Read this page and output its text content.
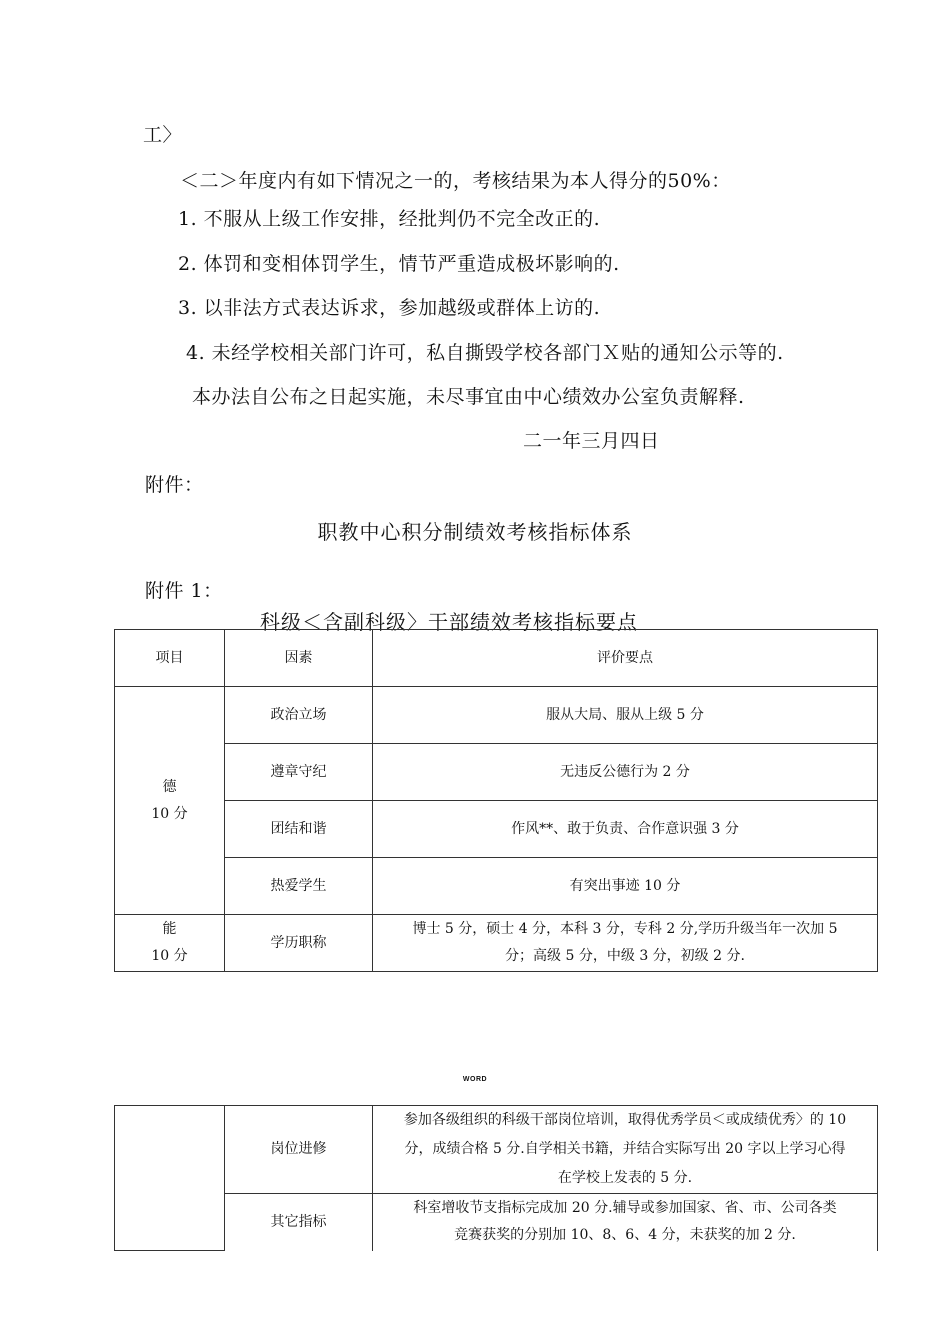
工〉
＜二＞年度内有如下情况之一的，考核结果为本人得分的50%：
1. 不服从上级工作安排，经批判仍不完全改正的.
2. 体罚和变相体罚学生，情节严重造成极坏影响的.
3. 以非法方式表达诉求，参加越级或群体上访的.
4. 未经学校相关部门许可，私自撕毁学校各部门Ｘ贴的通知公示等的.
本办法自公布之日起实施，未尽事宜由中心绩效办公室负责解释.
二一年三月四日
附件：
职教中心积分制绩效考核指标体系
附件 1：
科级＜含副科级〉干部绩效考核指标要点
项目	因素	评价要点

德
10 分	政治立场	服从大局、服从上级 5 分
	遵章守纪	无违反公德行为 2 分
	团结和谐	作风**、敢于负责、合作意识强 3 分
	热爱学生	有突出事迹 10 分

能
10 分	学历职称	博士 5 分，硕士 4 分，本科 3 分，专科 2 分,学历升级当年一次加 5
分；高级 5 分，中级 3 分，初级 2 分.
WORD
	岗位进修	参加各级组织的科级干部岗位培训，取得优秀学员＜或成绩优秀〉的 10
分，成绩合格 5 分.自学相关书籍，并结合实际写出 20 字以上学习心得
在学校上发表的 5 分.

	其它指标	科室增收节支指标完成加 20 分.辅导或参加国家、省、市、公司各类
竞赛获奖的分别加 10、8、6、4 分，未获奖的加 2 分.
